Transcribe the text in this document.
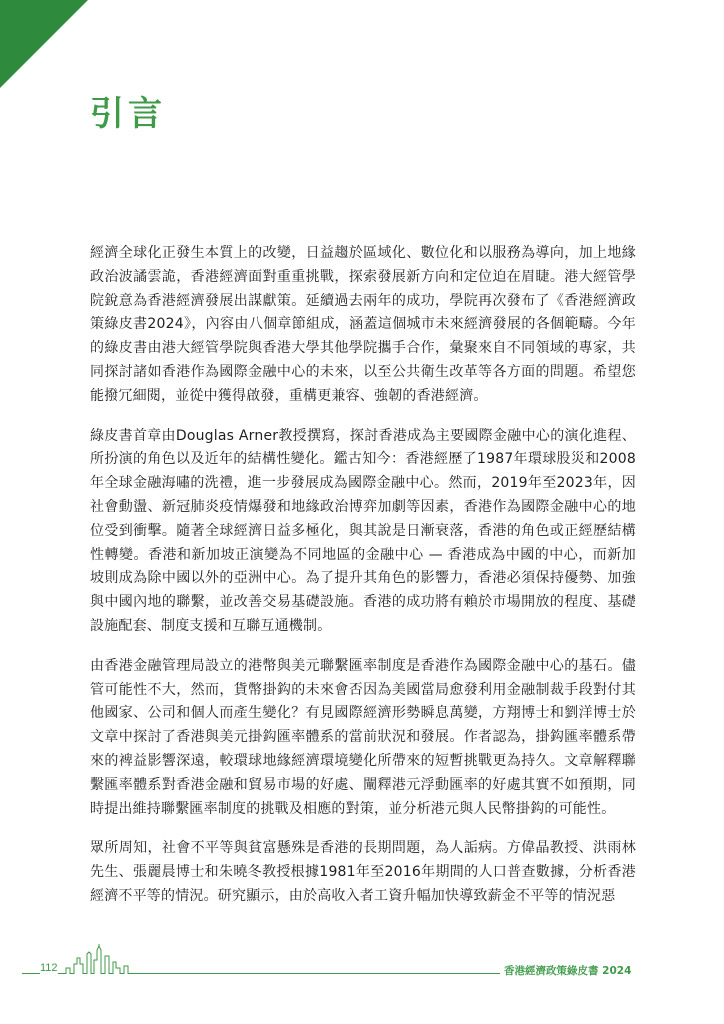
引言

經濟全球化正發生本質上的改變，日益趨於區域化、數位化和以服務為導向，加上地緣政治波譎雲詭，香港經濟面對重重挑戰，探索發展新方向和定位迫在眉睫。港大經管學院銳意為香港經濟發展出謀獻策。延續過去兩年的成功，學院再次發布了《香港經濟政策綠皮書2024》，內容由八個章節組成，涵蓋這個城市未來經濟發展的各個範疇。今年的綠皮書由港大經管學院與香港大學其他學院攜手合作，彙聚來自不同領域的專家，共同探討諸如香港作為國際金融中心的未來，以至公共衛生改革等各方面的問題。希望您能撥冗細閱，並從中獲得啟發，重構更兼容、強韌的香港經濟。

綠皮書首章由Douglas Arner教授撰寫，探討香港成為主要國際金融中心的演化進程、所扮演的角色以及近年的結構性變化。鑑古知今：香港經歷了1987年環球股災和2008年全球金融海嘯的洗禮，進一步發展成為國際金融中心。然而，2019年至2023年，因社會動盪、新冠肺炎疫情爆發和地緣政治博弈加劇等因素，香港作為國際金融中心的地位受到衝擊。隨著全球經濟日益多極化，與其說是日漸衰落，香港的角色或正經歷結構性轉變。香港和新加坡正演變為不同地區的金融中心 — 香港成為中國的中心，而新加坡則成為除中國以外的亞洲中心。為了提升其角色的影響力，香港必須保持優勢、加強與中國內地的聯繫，並改善交易基礎設施。香港的成功將有賴於市場開放的程度、基礎設施配套、制度支援和互聯互通機制。

由香港金融管理局設立的港幣與美元聯繫匯率制度是香港作為國際金融中心的基石。儘管可能性不大，然而，貨幣掛鈎的未來會否因為美國當局愈發利用金融制裁手段對付其他國家、公司和個人而產生變化？有見國際經濟形勢瞬息萬變，方翔博士和劉洋博士於文章中探討了香港與美元掛鈎匯率體系的當前狀況和發展。作者認為，掛鈎匯率體系帶來的裨益影響深遠，較環球地緣經濟環境變化所帶來的短暫挑戰更為持久。文章解釋聯繫匯率體系對香港金融和貿易市場的好處、闡釋港元浮動匯率的好處其實不如預期，同時提出維持聯繫匯率制度的挑戰及相應的對策，並分析港元與人民幣掛鈎的可能性。

眾所周知，社會不平等與貧富懸殊是香港的長期問題，為人詬病。方偉晶教授、洪雨林先生、張麗晨博士和朱曉冬教授根據1981年至2016年期間的人口普查數據，分析香港經濟不平等的情況。研究顯示，由於高收入者工資升幅加快導致薪金不平等的情況惡

112	香港經濟政策綠皮書 2024
